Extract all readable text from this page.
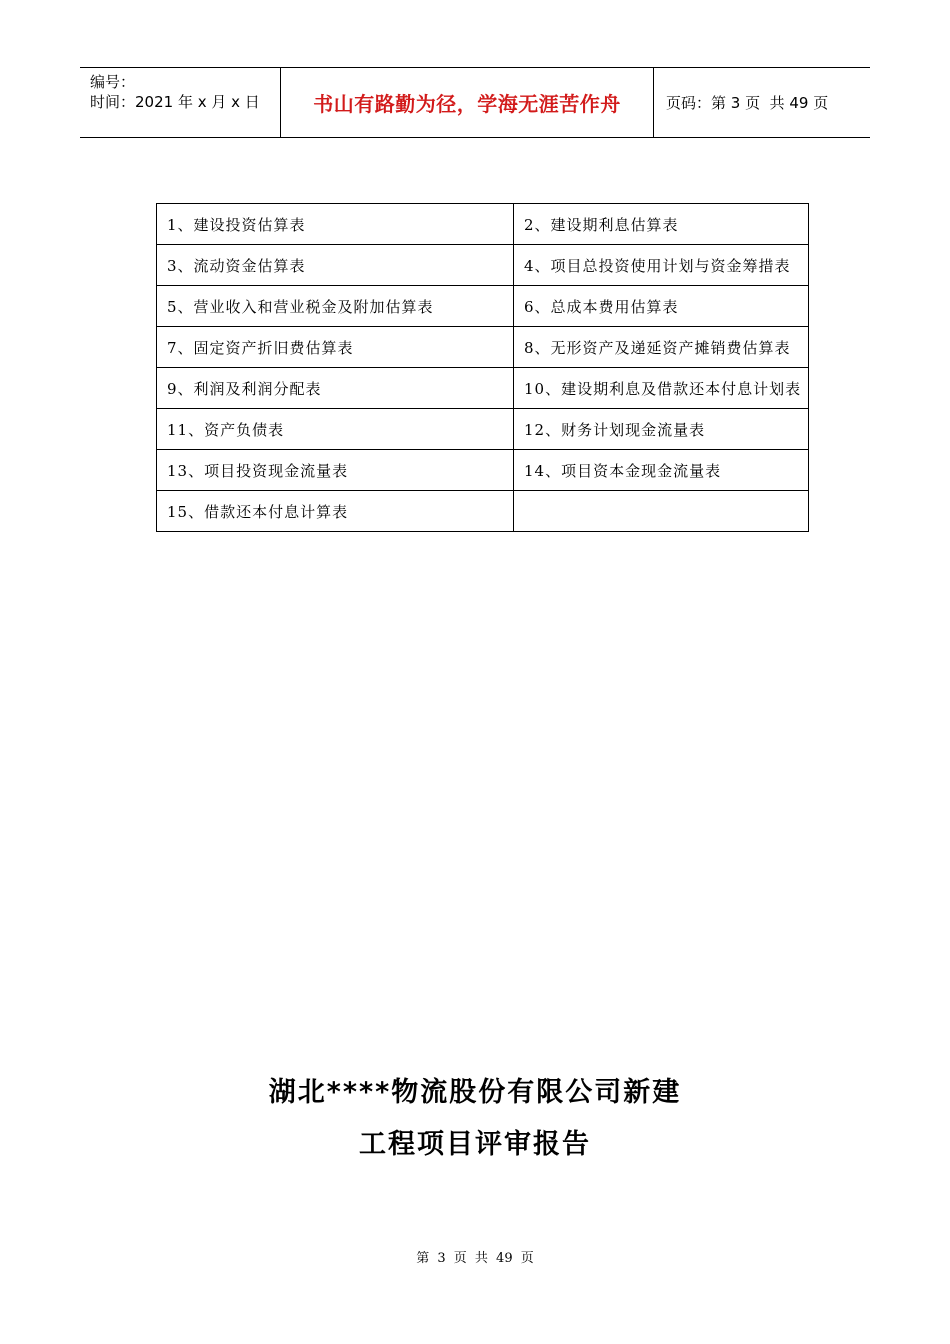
编号：
时间：2021 年 x 月 x 日	书山有路勤为径，学海无涯苦作舟	页码：第 3 页  共 49 页
1、建设投资估算表	2、建设期利息估算表
3、流动资金估算表	4、项目总投资使用计划与资金筹措表
5、营业收入和营业税金及附加估算表	6、总成本费用估算表
7、固定资产折旧费估算表	8、无形资产及递延资产摊销费估算表
9、利润及利润分配表	10、建设期利息及借款还本付息计划表
11、资产负债表	12、财务计划现金流量表
13、项目投资现金流量表	14、项目资本金现金流量表
15、借款还本付息计算表	
湖北****物流股份有限公司新建
工程项目评审报告
第 3 页 共 49 页
